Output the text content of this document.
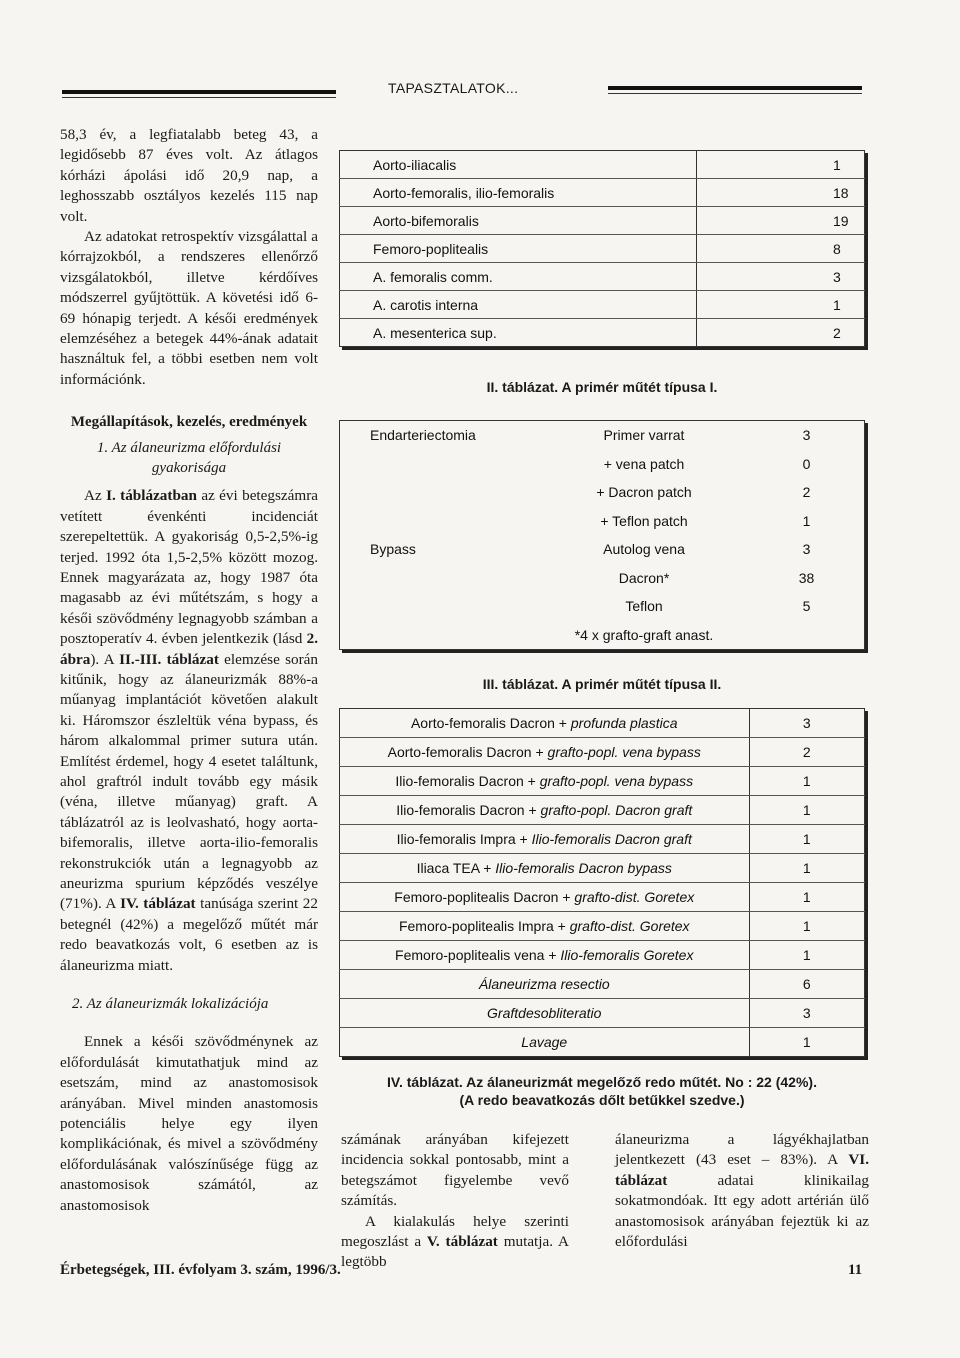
TAPASZTALATOK...

58,3 év, a legfiatalabb beteg 43, a legidősebb 87 éves volt. Az átlagos kórházi ápolási idő 20,9 nap, a leghosszabb osztályos kezelés 115 nap volt.

Az adatokat retrospektív vizsgálattal a kórrajzokból, a rendszeres ellenőrző vizsgálatokból, illetve kérdőíves módszerrel gyűjtöttük. A követési idő 6-69 hónapig terjedt. A késői eredmények elemzéséhez a betegek 44%-ának adatait használtuk fel, a többi esetben nem volt információnk.

Megállapítások, kezelés, eredmények
1. Az álaneurizma előfordulási gyakorisága

Az I. táblázatban az évi betegszámra vetített évenkénti incidenciát szerepeltettük. A gyakoriság 0,5-2,5%-ig terjed. 1992 óta 1,5-2,5% között mozog. Ennek magyarázata az, hogy 1987 óta magasabb az évi műtétszám, s hogy a késői szövődmény legnagyobb számban a posztoperatív 4. évben jelentkezik (lásd 2. ábra). A II.-III. táblázat elemzése során kitűnik, hogy az álaneurizmák 88%-a műanyag implantációt követően alakult ki. Háromszor észleltük véna bypass, és három alkalommal primer sutura után. Említést érdemel, hogy 4 esetet találtunk, ahol graftról indult tovább egy másik (véna, illetve műanyag) graft. A táblázatról az is leolvasható, hogy aorta-bifemoralis, illetve aorta-ilio-femoralis rekonstrukciók után a legnagyobb az aneurizma spurium képződés veszélye (71%). A IV. táblázat tanúsága szerint 22 betegnél (42%) a megelőző műtét már redo beavatkozás volt, 6 esetben az is álaneurizma miatt.

2. Az álaneurizmák lokalizációja

Ennek a késői szövődménynek az előfordulását kimutathatjuk mind az esetszám, mind az anastomosisok arányában. Mivel minden anastomosis potenciális helye egy ilyen komplikációnak, és mivel a szövődmény előfordulásának valószínűsége függ az anastomosisok számától, az anastomosisok

Aorto-iliacalis	1
Aorto-femoralis, ilio-femoralis	18
Aorto-bifemoralis	19
Femoro-poplitealis	8
A. femoralis comm.	3
A. carotis interna	1
A. mesenterica sup.	2
II. táblázat. A primér műtét típusa I.
Endarteriectomia	Primer varrat	3
	+ vena patch	0
	+ Dacron patch	2
	+ Teflon patch	1
Bypass	Autolog vena	3
	Dacron*	38
	Teflon	5
	*4 x grafto-graft anast.	
III. táblázat. A primér műtét típusa II.
Aorto-femoralis Dacron + profunda plastica	3
Aorto-femoralis Dacron + grafto-popl. vena bypass	2
Ilio-femoralis Dacron + grafto-popl. vena bypass	1
Ilio-femoralis Dacron + grafto-popl. Dacron graft	1
Ilio-femoralis Impra + Ilio-femoralis Dacron graft	1
Iliaca TEA + Ilio-femoralis Dacron bypass	1
Femoro-poplitealis Dacron + grafto-dist. Goretex	1
Femoro-poplitealis Impra + grafto-dist. Goretex	1
Femoro-poplitealis vena + Ilio-femoralis Goretex	1
Álaneurizma resectio	6
Graftdesobliteratio	3
Lavage	1
IV. táblázat. Az álaneurizmát megelőző redo műtét. No : 22 (42%).
(A redo beavatkozás dőlt betűkkel szedve.)

számának arányában kifejezett incidencia sokkal pontosabb, mint a betegszámot figyelembe vevő számítás.

A kialakulás helye szerinti megoszlást a V. táblázat mutatja. A legtöbb

álaneurizma a lágyékhajlatban jelentkezett (43 eset – 83%). A VI. táblázat adatai klinikailag sokatmondóak. Itt egy adott artérián ülő anastomosisok arányában fejeztük ki az előfordulási

Érbetegségek, III. évfolyam 3. szám, 1996/3.	11
